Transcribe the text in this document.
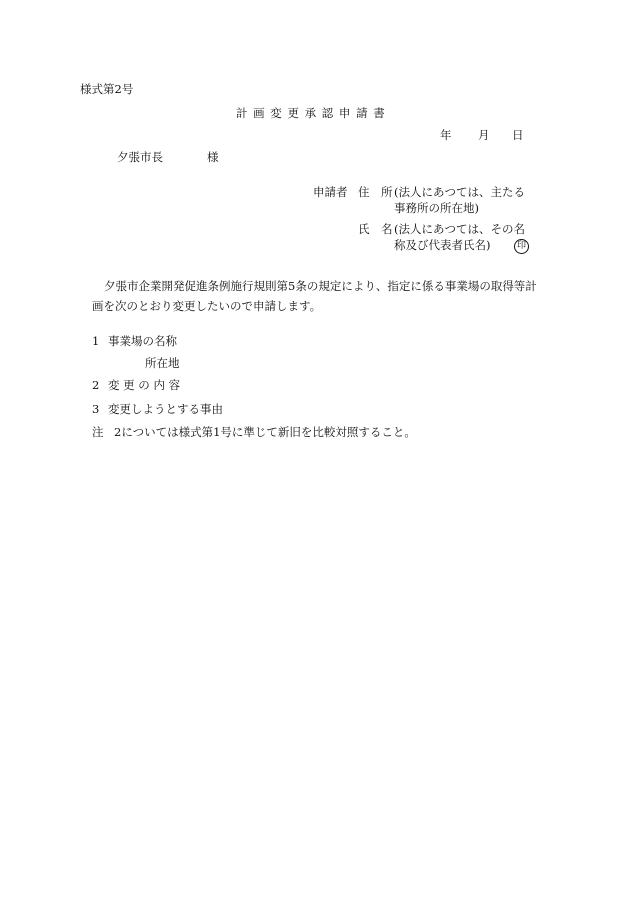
様式第2号
計 画 変 更 承 認 申 請 書
年 月 日
夕張市長	様
申請者 住　所 (法人にあつては、主たる
事務所の所在地)
氏　名 (法人にあつては、その名
称及び代表者氏名)	印

夕張市企業開発促進条例施行規則第5条の規定により、指定に係る事業場の取得等計

画を次のとおり変更したいので申請します。

1 事業場の名称
所在地
2 変 更 の 内 容
3 変更しようとする事由
注 2については様式第1号に準じて新旧を比較対照すること。
